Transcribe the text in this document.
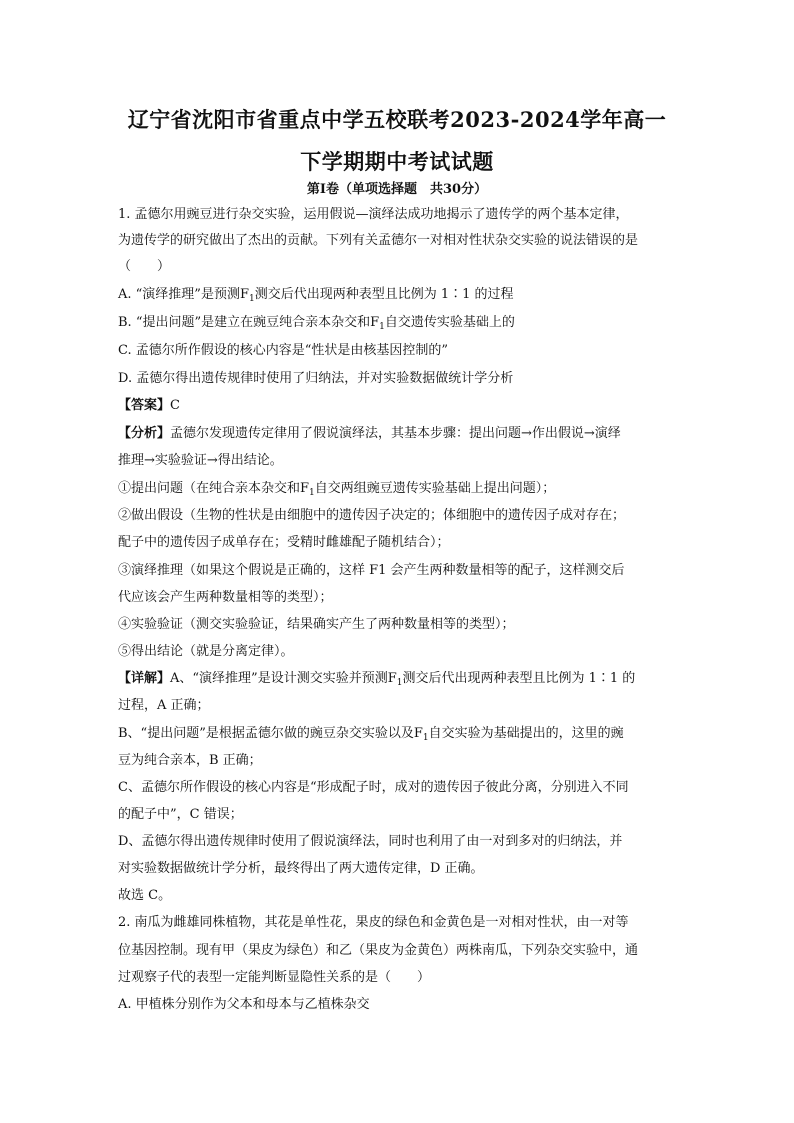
辽宁省沈阳市省重点中学五校联考2023-2024学年高一
下学期期中考试试题
第Ⅰ卷（单项选择题　共30分）
1. 孟德尔用豌豆进行杂交实验，运用假说—演绎法成功地揭示了遗传学的两个基本定律，
为遗传学的研究做出了杰出的贡献。下列有关孟德尔一对相对性状杂交实验的说法错误的是
（　　）
A. “演绎推理”是预测$F_1$测交后代出现两种表型且比例为 1∶1 的过程
B. “提出问题”是建立在豌豆纯合亲本杂交和$F_1$自交遗传实验基础上的
C. 孟德尔所作假设的核心内容是“性状是由核基因控制的”
D. 孟德尔得出遗传规律时使用了归纳法，并对实验数据做统计学分析
【答案】C
【分析】孟德尔发现遗传定律用了假说演绎法，其基本步骤：提出问题→作出假说→演绎
推理→实验验证→得出结论。
①提出问题（在纯合亲本杂交和$F_1$自交两组豌豆遗传实验基础上提出问题）；
②做出假设（生物的性状是由细胞中的遗传因子决定的；体细胞中的遗传因子成对存在；
配子中的遗传因子成单存在；受精时雌雄配子随机结合）；
③演绎推理（如果这个假说是正确的，这样 F1 会产生两种数量相等的配子，这样测交后
代应该会产生两种数量相等的类型）；
④实验验证（测交实验验证，结果确实产生了两种数量相等的类型）；
⑤得出结论（就是分离定律）。
【详解】A、“演绎推理”是设计测交实验并预测$F_1$测交后代出现两种表型且比例为 1∶1 的
过程，A 正确；
B、“提出问题”是根据孟德尔做的豌豆杂交实验以及$F_1$自交实验为基础提出的，这里的豌
豆为纯合亲本，B 正确；
C、孟德尔所作假设的核心内容是“形成配子时，成对的遗传因子彼此分离，分别进入不同
的配子中”，C 错误；
D、孟德尔得出遗传规律时使用了假说演绎法，同时也利用了由一对到多对的归纳法，并
对实验数据做统计学分析，最终得出了两大遗传定律，D 正确。
故选 C。
2. 南瓜为雌雄同株植物，其花是单性花，果皮的绿色和金黄色是一对相对性状，由一对等
位基因控制。现有甲（果皮为绿色）和乙（果皮为金黄色）两株南瓜，下列杂交实验中，通
过观察子代的表型一定能判断显隐性关系的是（　　）
A. 甲植株分别作为父本和母本与乙植株杂交
